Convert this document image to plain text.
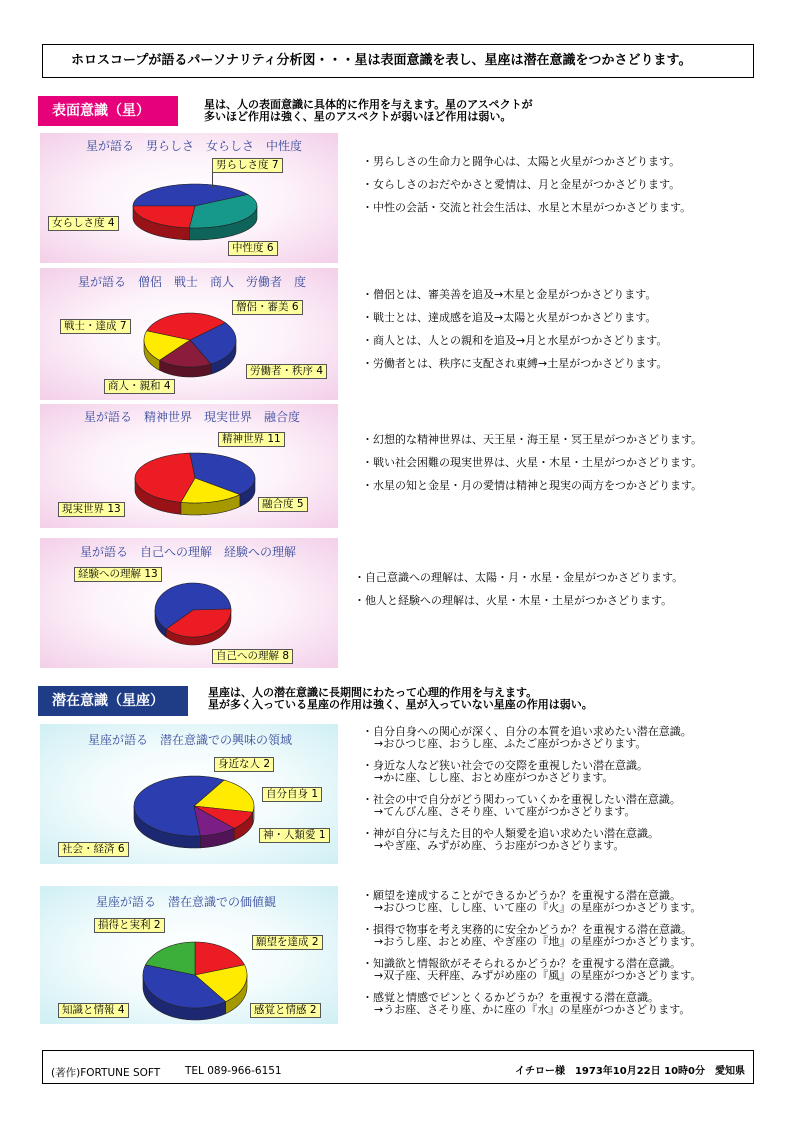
ホロスコープが語るパーソナリティ分析図・・・星は表面意識を表し、星座は潜在意識をつかさどります。
表面意識（星）	星は、人の表面意識に具体的に作用を与えます。星のアスペクトが
多いほど作用は強く、星のアスペクトが弱いほど作用は弱い。
潜在意識（星座）
星座は、人の潜在意識に長期間にわたって心理的作用を与えます。
星が多く入っている星座の作用は強く、星が入っていない星座の作用は弱い。
星が語る　男らしさ　女らしさ　中性度
星が語る　僧侶　戦士　商人　労働者　度
星が語る　精神世界　現実世界　融合度
星が語る　自己への理解　経験への理解
星座が語る　潜在意識での興味の領域
星座が語る　潜在意識での価値観
男らしさ度 7
女らしさ度 4
中性度 6
僧侶・審美 6
戦士・達成 7
労働者・秩序 4
商人・親和 4
精神世界 11
融合度 5
現実世界 13
経験への理解 13
自己への理解 8
身近な人 2
自分自身 1
神・人類愛 1
社会・経済 6
損得と実利 2
願望を達成 2
知識と情報 4	感覚と情感 2
・男らしさの生命力と闘争心は、太陽と火星がつかさどります。
・女らしさのおだやかさと愛情は、月と金星がつかさどります。
・中性の会話・交流と社会生活は、水星と木星がつかさどります。
・僧侶とは、審美善を追及→木星と金星がつかさどります。
・戦士とは、達成感を追及→太陽と火星がつかさどります。
・商人とは、人との親和を追及→月と水星がつかさどります。
・労働者とは、秩序に支配され東縛→土星がつかさどります。
・幻想的な精神世界は、天王星・海王星・冥王星がつかさどります。
・戦い社会困難の現実世界は、火星・木星・土星がつかさどります。
・水星の知と金星・月の愛情は精神と現実の両方をつかさどります。
・自己意識への理解は、太陽・月・水星・金星がつかさどります。
・他人と経験への理解は、火星・木星・土星がつかさどります。
・自分自身への関心が深く、自分の本質を追い求めたい潜在意識。
→おひつじ座、おうし座、ふたご座がつかさどります。
・身近な人など狭い社会での交際を重視したい潜在意識。
→かに座、しし座、おとめ座がつかさどります。
・社会の中で自分がどう関わっていくかを重視したい潜在意識。
→てんびん座、さそり座、いて座がつかさどります。
・神が自分に与えた目的や人類愛を追い求めたい潜在意識。
→やぎ座、みずがめ座、うお座がつかさどります。
・願望を達成することができるかどうか？を重視する潜在意識。
→おひつじ座、しし座、いて座の『火』の星座がつかさどります。
・損得で物事を考え実務的に安全かどうか？を重視する潜在意識。
→おうし座、おとめ座、やぎ座の『地』の星座がつかさどります。
・知識欲と情報欲がそそられるかどうか？を重視する潜在意識。
→双子座、天秤座、みずがめ座の『風』の星座がつかさどります。
・感覚と情感でピンとくるかどうか？を重視する潜在意識。
→うお座、さそり座、かに座の『水』の星座がつかさどります。
(著作)FORTUNE SOFT TEL 089-966-6151	イチロー様　1973年10月22日 10時0分　愛知県
